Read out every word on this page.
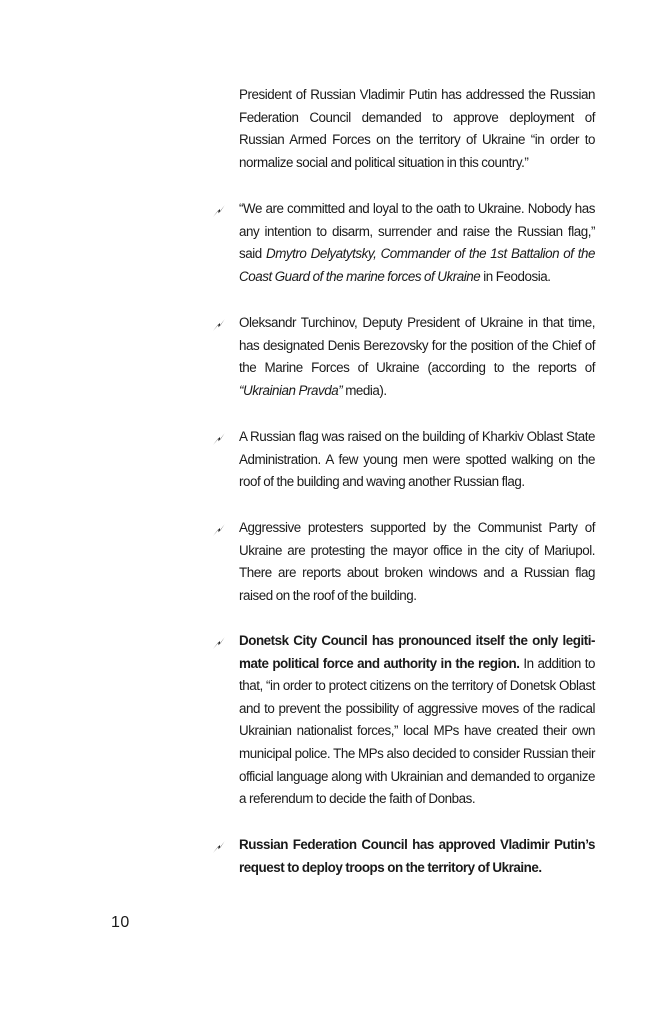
President of Russian Vladimir Putin has addressed the Russian Federation Council demanded to approve deployment of Russian Armed Forces on the territory of Ukraine “in order to normalize social and political situation in this country.”
“We are committed and loyal to the oath to Ukraine. Nobody has any intention to disarm, surrender and raise the Russian flag,” said Dmytro Delyatytsky, Commander of the 1st Battalion of the Coast Guard of the marine forces of Ukraine in Feodosia.
Oleksandr Turchinov, Deputy President of Ukraine in that time, has designated Denis Berezovsky for the position of the Chief of the Marine Forces of Ukraine (according to the reports of “Ukrainian Pravda” media).
A Russian flag was raised on the building of Kharkiv Oblast State Administration. A few young men were spotted walking on the roof of the building and waving another Russian flag.
Aggressive protesters supported by the Communist Party of Ukraine are protesting the mayor office in the city of Mariupol. There are reports about broken windows and a Russian flag raised on the roof of the building.
Donetsk City Council has pronounced itself the only legiti-mate political force and authority in the region. In addition to that, “in order to protect citizens on the territory of Donetsk Oblast and to prevent the possibility of aggressive moves of the radical Ukrainian nationalist forces,” local MPs have created their own municipal police. The MPs also decided to consider Russian their official language along with Ukrainian and demanded to organize a referendum to decide the faith of Donbas.
Russian Federation Council has approved Vladimir Putin’s request to deploy troops on the territory of Ukraine.
10
